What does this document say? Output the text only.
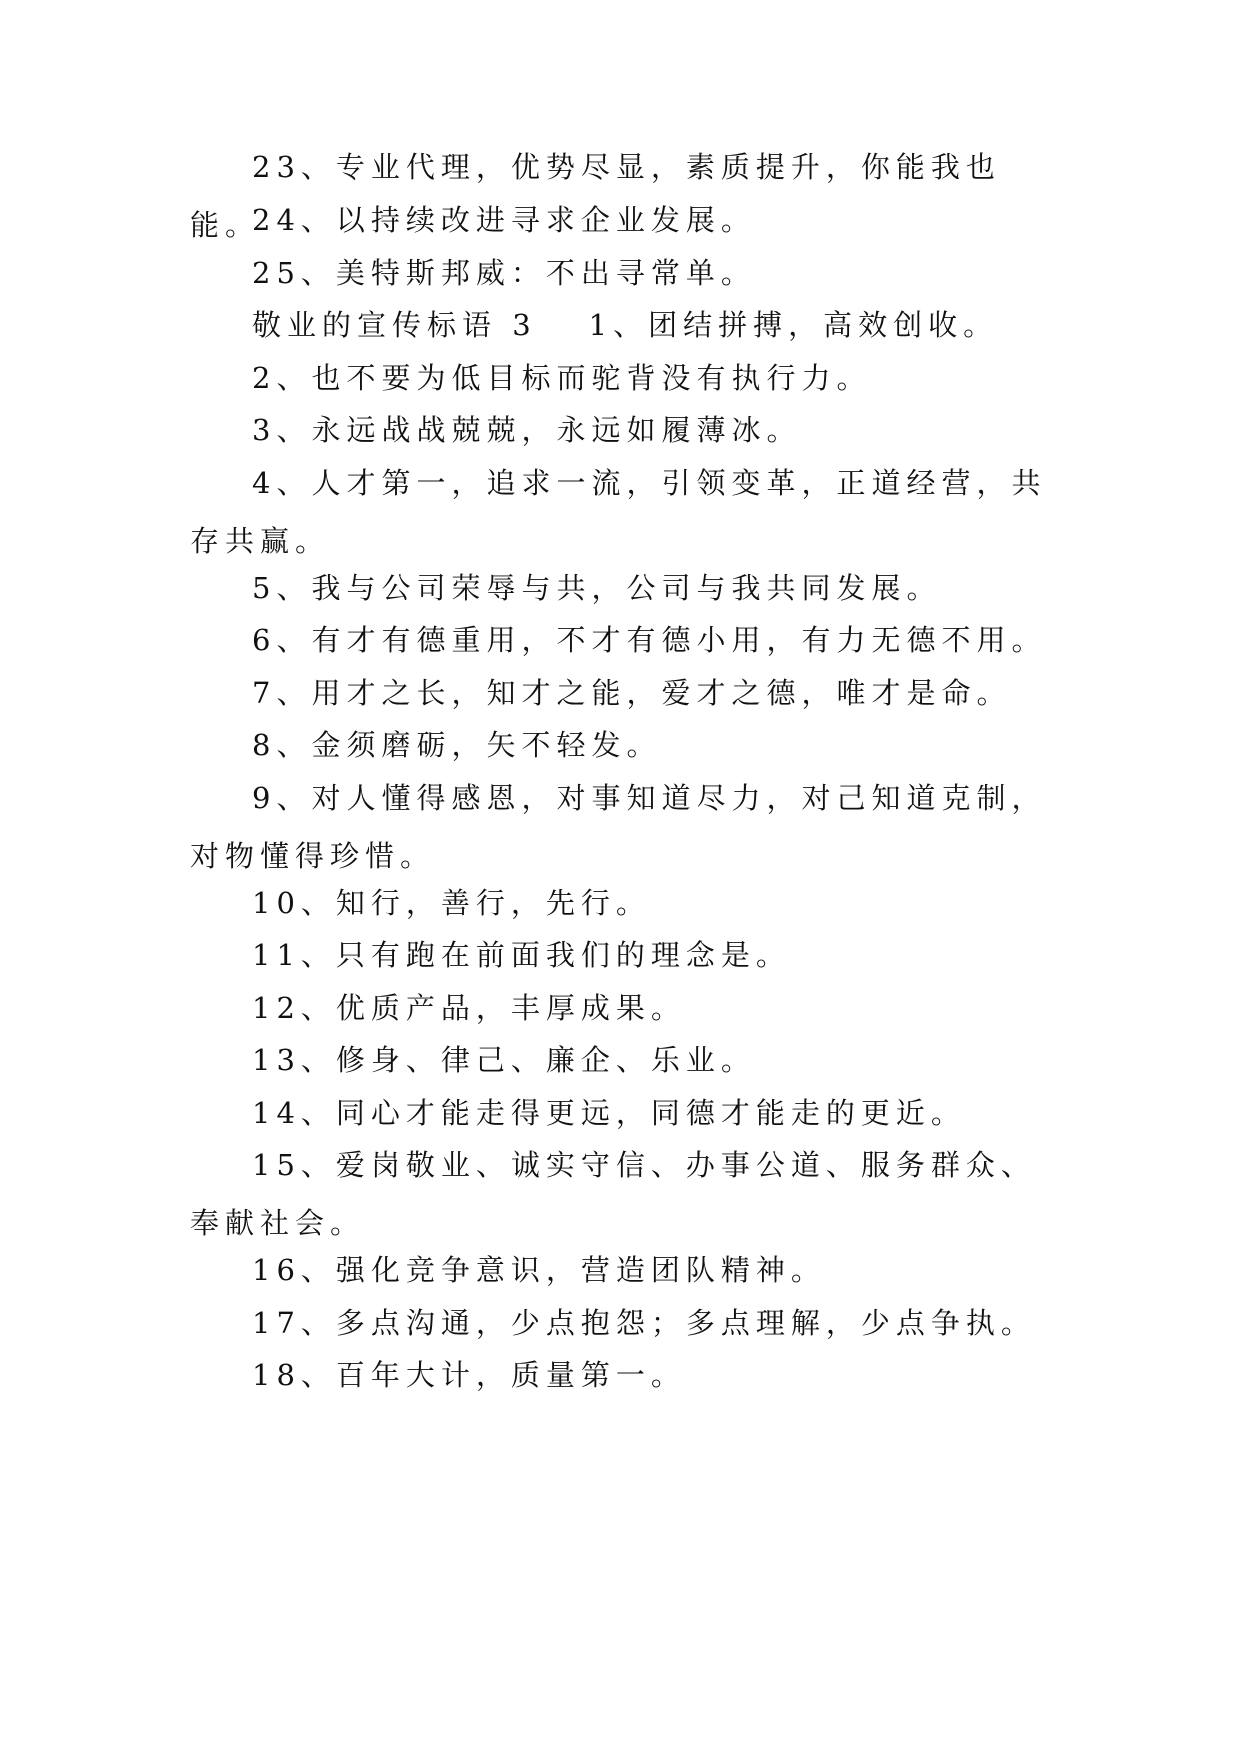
23、专业代理，优势尽显，素质提升，你能我也能。

24、以持续改进寻求企业发展。

25、美特斯邦威：不出寻常单。

敬业的宣传标语 3 1、团结拼搏，高效创收。

2、也不要为低目标而驼背没有执行力。

3、永远战战兢兢，永远如履薄冰。

4、人才第一，追求一流，引领变革，正道经营，共存共赢。

5、我与公司荣辱与共，公司与我共同发展。

6、有才有德重用，不才有德小用，有力无德不用。

7、用才之长，知才之能，爱才之德，唯才是命。

8、金须磨砺，矢不轻发。

9、对人懂得感恩，对事知道尽力，对己知道克制，对物懂得珍惜。

10、知行，善行，先行。

11、只有跑在前面我们的理念是。

12、优质产品，丰厚成果。

13、修身、律己、廉企、乐业。

14、同心才能走得更远，同德才能走的更近。

15、爱岗敬业、诚实守信、办事公道、服务群众、奉献社会。

16、强化竞争意识，营造团队精神。

17、多点沟通，少点抱怨；多点理解，少点争执。

18、百年大计，质量第一。
